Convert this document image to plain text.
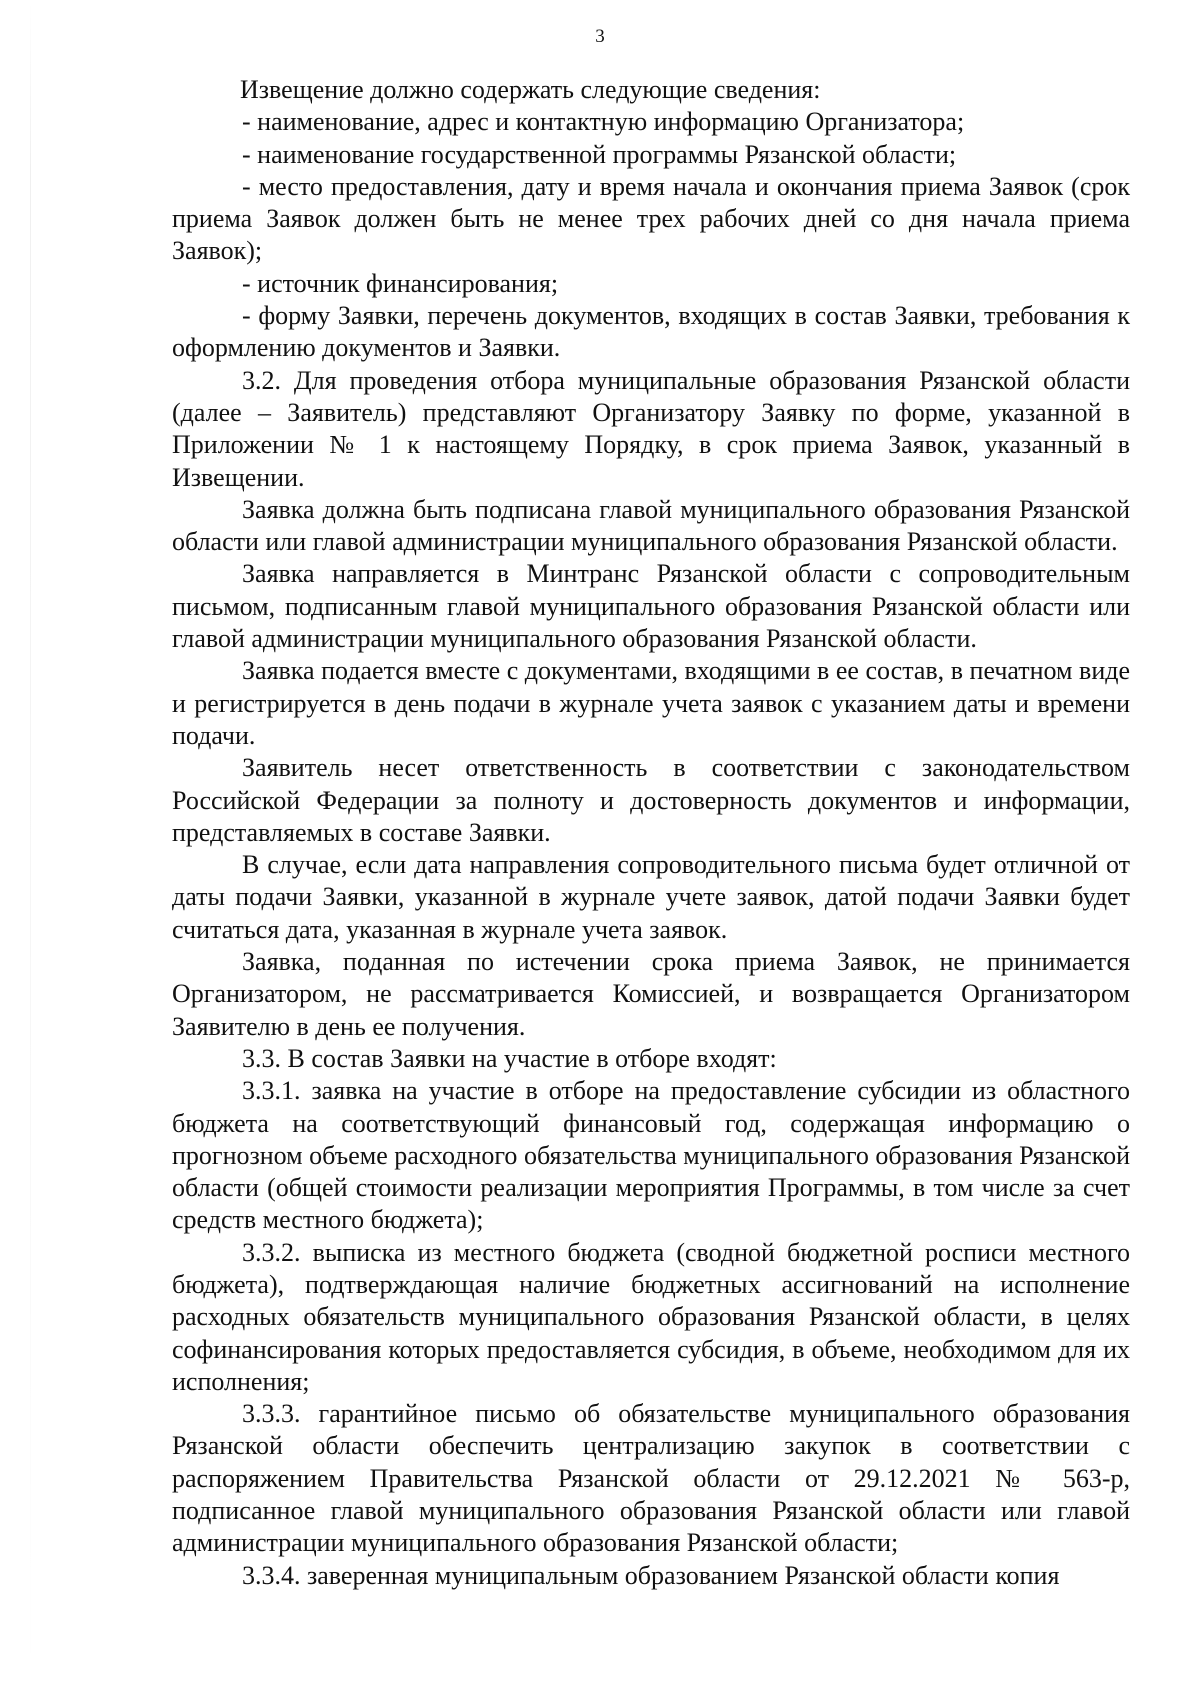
3

Извещение должно содержать следующие сведения:

- наименование, адрес и контактную информацию Организатора;

- наименование государственной программы Рязанской области;

- место предоставления, дату и время начала и окончания приема Заявок (срок приема Заявок должен быть не менее трех рабочих дней со дня начала приема Заявок);

- источник финансирования;

- форму Заявки, перечень документов, входящих в состав Заявки, требования к оформлению документов и Заявки.

3.2. Для проведения отбора муниципальные образования Рязанской области (далее – Заявитель) представляют Организатору Заявку по форме, указанной в Приложении № 1 к настоящему Порядку, в срок приема Заявок, указанный в Извещении.

Заявка должна быть подписана главой муниципального образования Рязанской области или главой администрации муниципального образования Рязанской области.

Заявка направляется в Минтранс Рязанской области с сопроводительным письмом, подписанным главой муниципального образования Рязанской области или главой администрации муниципального образования Рязанской области.

Заявка подается вместе с документами, входящими в ее состав, в печатном виде и регистрируется в день подачи в журнале учета заявок с указанием даты и времени подачи.

Заявитель несет ответственность в соответствии с законодательством Российской Федерации за полноту и достоверность документов и информации, представляемых в составе Заявки.

В случае, если дата направления сопроводительного письма будет отличной от даты подачи Заявки, указанной в журнале учете заявок, датой подачи Заявки будет считаться дата, указанная в журнале учета заявок.

Заявка, поданная по истечении срока приема Заявок, не принимается Организатором, не рассматривается Комиссией, и возвращается Организатором Заявителю в день ее получения.

3.3. В состав Заявки на участие в отборе входят:

3.3.1. заявка на участие в отборе на предоставление субсидии из областного бюджета на соответствующий финансовый год, содержащая информацию о прогнозном объеме расходного обязательства муниципального образования Рязанской области (общей стоимости реализации мероприятия Программы, в том числе за счет средств местного бюджета);

3.3.2. выписка из местного бюджета (сводной бюджетной росписи местного бюджета), подтверждающая наличие бюджетных ассигнований на исполнение расходных обязательств муниципального образования Рязанской области, в целях софинансирования которых предоставляется субсидия, в объеме, необходимом для их исполнения;

3.3.3. гарантийное письмо об обязательстве муниципального образования Рязанской области обеспечить централизацию закупок в соответствии с распоряжением Правительства Рязанской области от 29.12.2021 № 563-р, подписанное главой муниципального образования Рязанской области или главой администрации муниципального образования Рязанской области;

3.3.4. заверенная муниципальным образованием Рязанской области копия
